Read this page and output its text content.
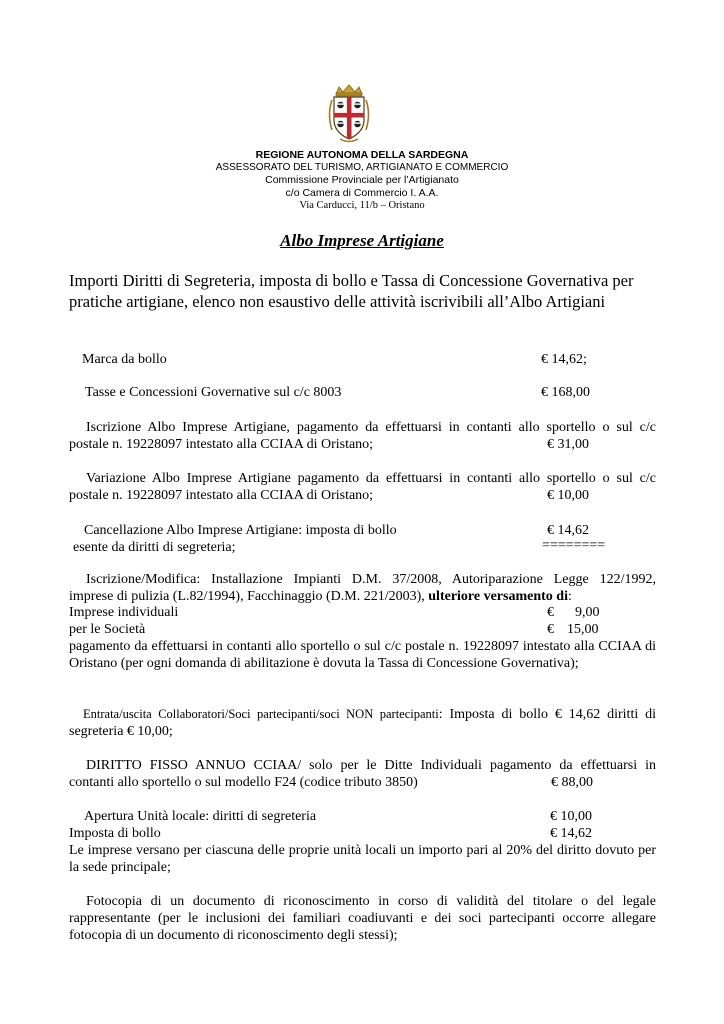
REGIONE AUTONOMA DELLA SARDEGNA
ASSESSORATO DEL TURISMO, ARTIGIANATO E COMMERCIO
Commissione Provinciale per l’Artigianato
c/o Camera di Commercio I. A.A.
Via Carducci, 11/b – Oristano
Albo Imprese Artigiane
Importi Diritti di Segreteria, imposta di bollo e Tassa di Concessione Governativa per pratiche artigiane, elenco non esaustivo delle attività iscrivibili all’Albo Artigiani
Marca da bollo	€ 14,62;
Tasse e Concessioni Governative sul c/c 8003	€ 168,00
Iscrizione Albo Imprese Artigiane, pagamento da effettuarsi in contanti allo sportello o sul c/c
postale n. 19228097 intestato alla CCIAA di Oristano;	€ 31,00
Variazione Albo Imprese Artigiane pagamento da effettuarsi in contanti allo sportello o sul c/c
postale n. 19228097 intestato alla CCIAA di Oristano;	€ 10,00
Cancellazione Albo Imprese Artigiane: imposta di bollo	€ 14,62
esente da diritti di segreteria;	========
Iscrizione/Modifica: Installazione Impianti D.M. 37/2008, Autoriparazione Legge 122/1992,
imprese di pulizia (L.82/1994), Facchinaggio (D.M. 221/2003), ulteriore versamento di:
Imprese individuali	€ 9,00
per le Società	€ 15,00
pagamento da effettuarsi in contanti allo sportello o sul c/c postale n. 19228097 intestato alla CCIAA di Oristano (per ogni domanda di abilitazione è dovuta la Tassa di Concessione Governativa);
Entrata/uscita Collaboratori/Soci partecipanti/soci NON partecipanti: Imposta di bollo € 14,62 diritti di
segreteria € 10,00;
DIRITTO FISSO ANNUO CCIAA/ solo per le Ditte Individuali pagamento da effettuarsi in
contanti allo sportello o sul modello F24 (codice tributo 3850)	€ 88,00
Apertura Unità locale: diritti di segreteria	€ 10,00
Imposta di bollo	€ 14,62
Le imprese versano per ciascuna delle proprie unità locali un importo pari al 20% del diritto dovuto per la sede principale;
Fotocopia di un documento di riconoscimento in corso di validità del titolare o del legale rappresentante (per le inclusioni dei familiari coadiuvanti e dei soci partecipanti occorre allegare fotocopia di un documento di riconoscimento degli stessi);
